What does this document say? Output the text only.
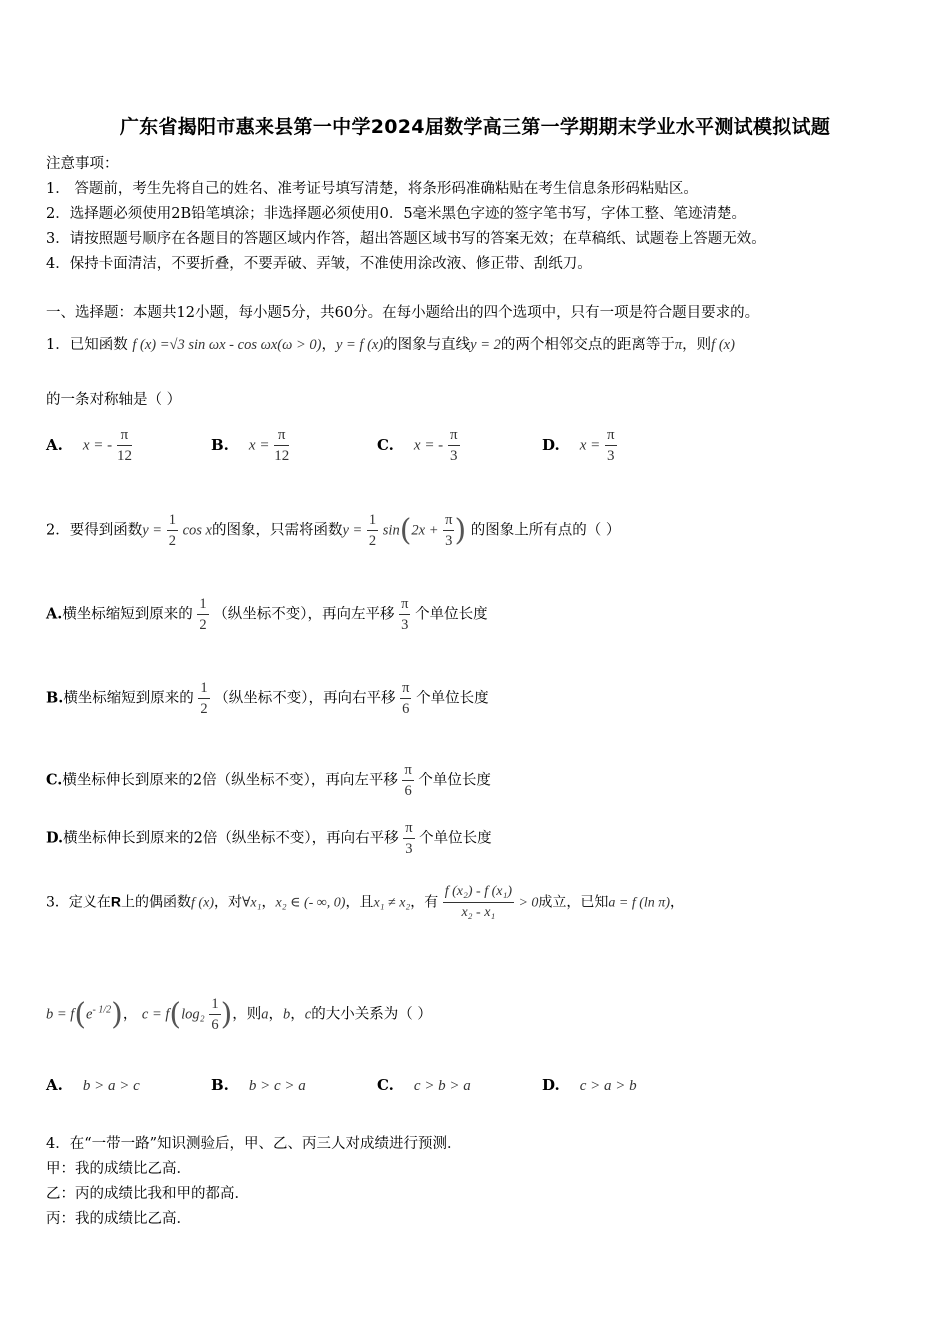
广东省揭阳市惠来县第一中学2024届数学高三第一学期期末学业水平测试模拟试题
注意事项：
1． 答题前，考生先将自己的姓名、准考证号填写清楚，将条形码准确粘贴在考生信息条形码粘贴区。
2．选择题必须使用2B铅笔填涂；非选择题必须使用0．5毫米黑色字迹的签字笔书写，字体工整、笔迹清楚。
3．请按照题号顺序在各题目的答题区域内作答，超出答题区域书写的答案无效；在草稿纸、试题卷上答题无效。
4．保持卡面清洁，不要折叠，不要弄破、弄皱，不准使用涂改液、修正带、刮纸刀。
一、选择题：本题共12小题，每小题5分，共60分。在每小题给出的四个选项中，只有一项是符合题目要求的。
1．已知函数 f (x) =√3 sin ωx - cos ωx(ω > 0)，y = f (x)的图象与直线y = 2的两个相邻交点的距离等于π，则f (x)
的一条对称轴是（ ）
A. x = - $\frac{\pi}{12}$	B. $x = \frac{\pi}{12}$	C. x = - $\frac{\pi}{3}$	D. $x = \frac{\pi}{3}$
2．要得到函数$y = \frac{1}{2}$ cos x的图象，只需将函数$y = \frac{1}{2} \sin(2x + \frac{\pi}{3}$ ) 的图象上所有点的（ ）
A.横坐标缩短到原来的 $\frac{1}{2}$ （纵坐标不变），再向左平移 $\frac{\pi}{3}$ 个单位长度
B.横坐标缩短到原来的 $\frac{1}{2}$ （纵坐标不变），再向右平移 $\frac{\pi}{6}$ 个单位长度
C.横坐标伸长到原来的2倍（纵坐标不变），再向左平移 $\frac{\pi}{6}$ 个单位长度
D.横坐标伸长到原来的2倍（纵坐标不变），再向右平移 $\frac{\pi}{3}$ 个单位长度
3．定义在R上的偶函数f (x)，对∀x₁，x₂ ∈ (- ∞, 0)，且x₁ ≠ x₂，有 $\frac{\text{f (x₂) - f (x₁)}}{\text{x₂ - x₁}} > 0$成立，已知a = f (ln π)，
$b = f(e^{- 1/2})$， $c = f(\log_2 \frac{1}{6}$ )，则a，b，c的大小关系为（ ）
A. b > a > c	B. b > c > a	C. c > b > a	D. c > a > b
4．在“一带一路”知识测验后，甲、乙、丙三人对成绩进行预测．
甲：我的成绩比乙高．
乙：丙的成绩比我和甲的都高．
丙：我的成绩比乙高．
